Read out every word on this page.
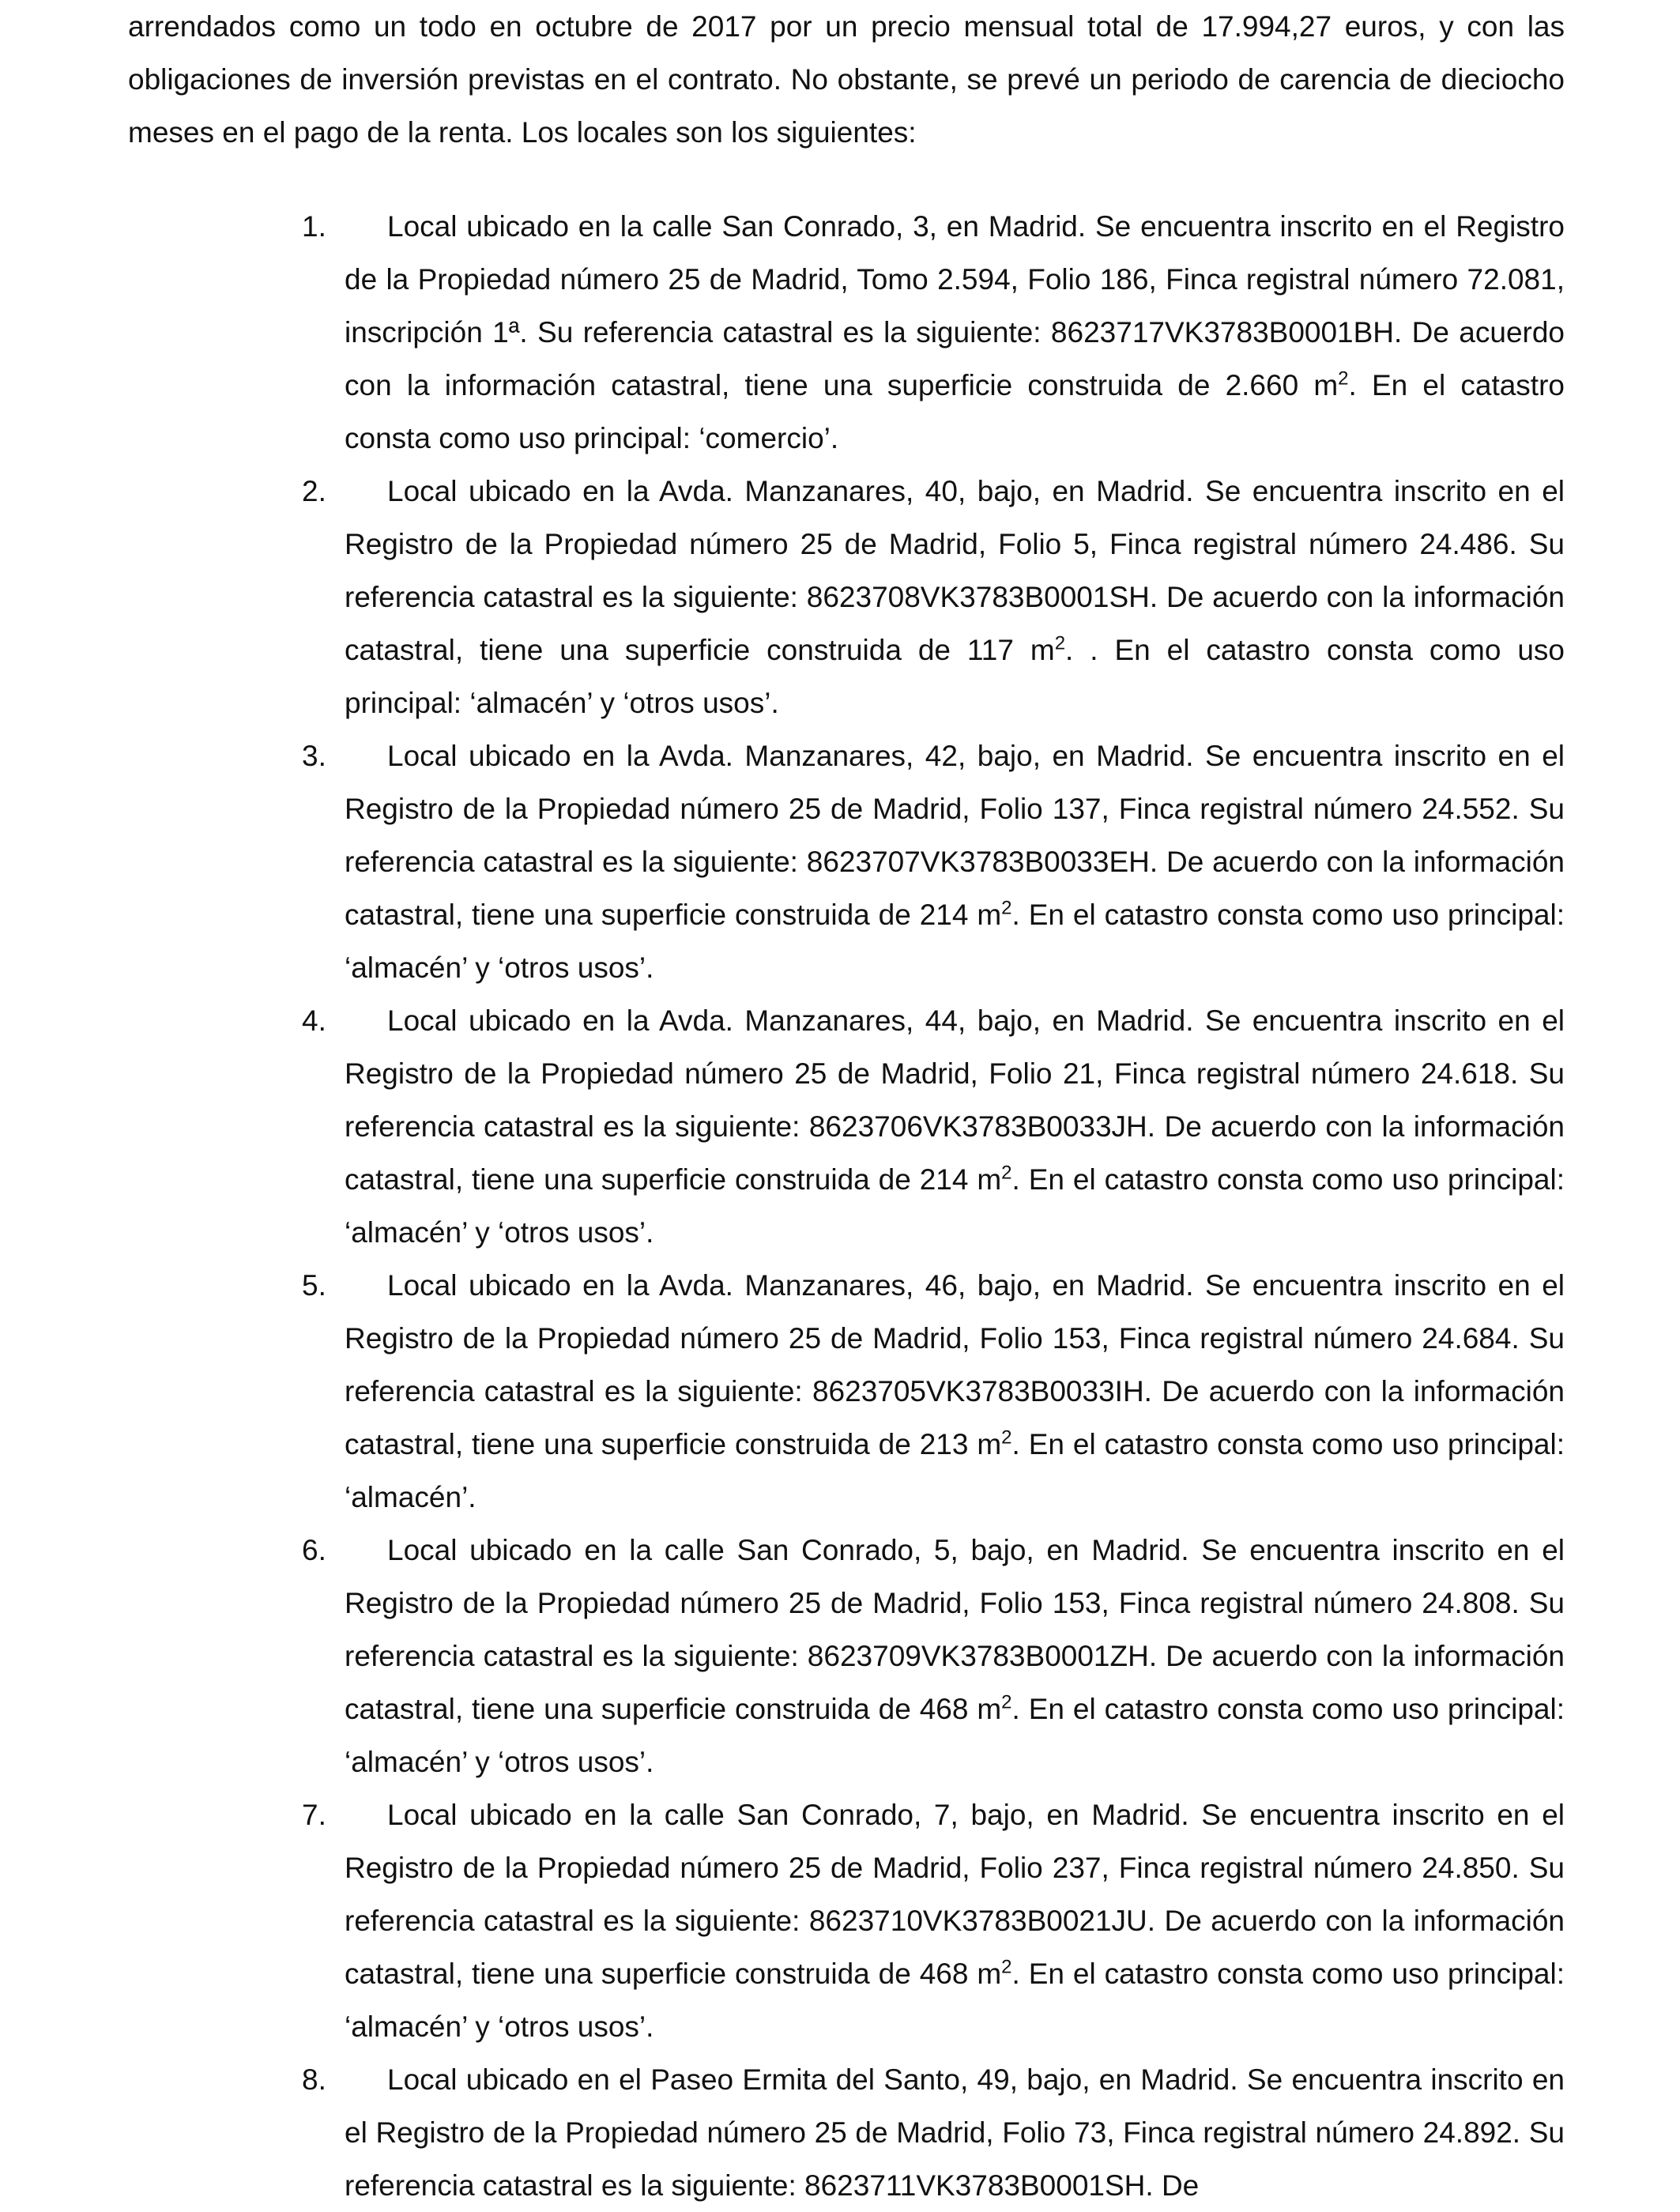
arrendados como un todo en octubre de 2017 por un precio mensual total de 17.994,27 euros, y con las obligaciones de inversión previstas en el contrato. No obstante, se prevé un periodo de carencia de dieciocho meses en el pago de la renta. Los locales son los siguientes:

1.	Local ubicado en la calle San Conrado, 3, en Madrid. Se encuentra inscrito en el Registro de la Propiedad número 25 de Madrid, Tomo 2.594, Folio 186, Finca registral número 72.081, inscripción 1ª. Su referencia catastral es la siguiente: 8623717VK3783B0001BH. De acuerdo con la información catastral, tiene una superficie construida de 2.660 $m^2$. En el catastro consta como uso principal: ‘comercio’.
2.	Local ubicado en la Avda. Manzanares, 40, bajo, en Madrid. Se encuentra inscrito en el Registro de la Propiedad número 25 de Madrid, Folio 5, Finca registral número 24.486. Su referencia catastral es la siguiente: 8623708VK3783B0001SH. De acuerdo con la información catastral, tiene una superficie construida de 117 $m^2$. . En el catastro consta como uso principal: ‘almacén’ y ‘otros usos’.
3.	Local ubicado en la Avda. Manzanares, 42, bajo, en Madrid. Se encuentra inscrito en el Registro de la Propiedad número 25 de Madrid, Folio 137, Finca registral número 24.552. Su referencia catastral es la siguiente: 8623707VK3783B0033EH. De acuerdo con la información catastral, tiene una superficie construida de 214 $m^2$. En el catastro consta como uso principal: ‘almacén’ y ‘otros usos’.
4.	Local ubicado en la Avda. Manzanares, 44, bajo, en Madrid. Se encuentra inscrito en el Registro de la Propiedad número 25 de Madrid, Folio 21, Finca registral número 24.618. Su referencia catastral es la siguiente: 8623706VK3783B0033JH. De acuerdo con la información catastral, tiene una superficie construida de 214 $m^2$. En el catastro consta como uso principal: ‘almacén’ y ‘otros usos’.
5.	Local ubicado en la Avda. Manzanares, 46, bajo, en Madrid. Se encuentra inscrito en el Registro de la Propiedad número 25 de Madrid, Folio 153, Finca registral número 24.684. Su referencia catastral es la siguiente: 8623705VK3783B0033IH. De acuerdo con la información catastral, tiene una superficie construida de 213 $m^2$. En el catastro consta como uso principal: ‘almacén’.
6.	Local ubicado en la calle San Conrado, 5, bajo, en Madrid. Se encuentra inscrito en el Registro de la Propiedad número 25 de Madrid, Folio 153, Finca registral número 24.808. Su referencia catastral es la siguiente: 8623709VK3783B0001ZH. De acuerdo con la información catastral, tiene una superficie construida de 468 $m^2$. En el catastro consta como uso principal: ‘almacén’ y ‘otros usos’.
7.	Local ubicado en la calle San Conrado, 7, bajo, en Madrid. Se encuentra inscrito en el Registro de la Propiedad número 25 de Madrid, Folio 237, Finca registral número 24.850. Su referencia catastral es la siguiente: 8623710VK3783B0021JU. De acuerdo con la información catastral, tiene una superficie construida de 468 $m^2$. En el catastro consta como uso principal: ‘almacén’ y ‘otros usos’.
8.	Local ubicado en el Paseo Ermita del Santo, 49, bajo, en Madrid. Se encuentra inscrito en el Registro de la Propiedad número 25 de Madrid, Folio 73, Finca registral número 24.892. Su referencia catastral es la siguiente: 8623711VK3783B0001SH. De
